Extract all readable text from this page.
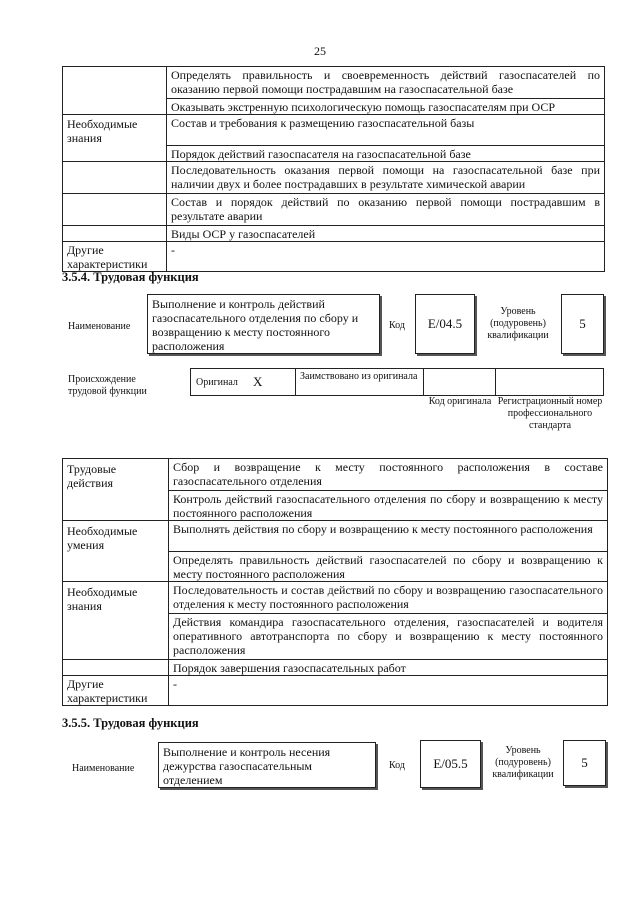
25
	Определять правильность и своевременность действий газоспасателей по оказанию первой помощи пострадавшим на газоспасательной базе
	Оказывать экстренную психологическую помощь газоспасателям при ОСР
Необходимые знания	Состав и требования к размещению газоспасательной базы
	Порядок действий газоспасателя на газоспасательной базе
	Последовательность оказания первой помощи на газоспасательной базе при наличии двух и более пострадавших в результате химической аварии
	Состав и порядок действий по оказанию первой помощи пострадавшим в результате аварии
	Виды ОСР у газоспасателей
Другие характеристики	-
3.5.4. Трудовая функция
Наименование
Выполнение и контроль действий газоспасательного отделения по сбору и возвращению к месту постоянного расположения
Код	E/04.5
Уровень (подуровень) квалификации
5
Происхождение трудовой функции
Оригинал X	Заимствовано из оригинала
Код оригинала Регистрационный номер профессионального стандарта
Трудовые действия	Сбор и возвращение к месту постоянного расположения в составе газоспасательного отделения
	Контроль действий газоспасательного отделения по сбору и возвращению к месту постоянного расположения
Необходимые умения	Выполнять действия по сбору и возвращению к месту постоянного расположения
	Определять правильность действий газоспасателей по сбору и возвращению к месту постоянного расположения
Необходимые знания	Последовательность и состав действий по сбору и возвращению газоспасательного отделения к месту постоянного расположения
	Действия командира газоспасательного отделения, газоспасателей и водителя оперативного автотранспорта по сбору и возвращению к месту постоянного расположения
	Порядок завершения газоспасательных работ
Другие характеристики	-
3.5.5. Трудовая функция
Наименование
Выполнение и контроль несения дежурства газоспасательным отделением
Код	E/05.5
Уровень (подуровень) квалификации
5
